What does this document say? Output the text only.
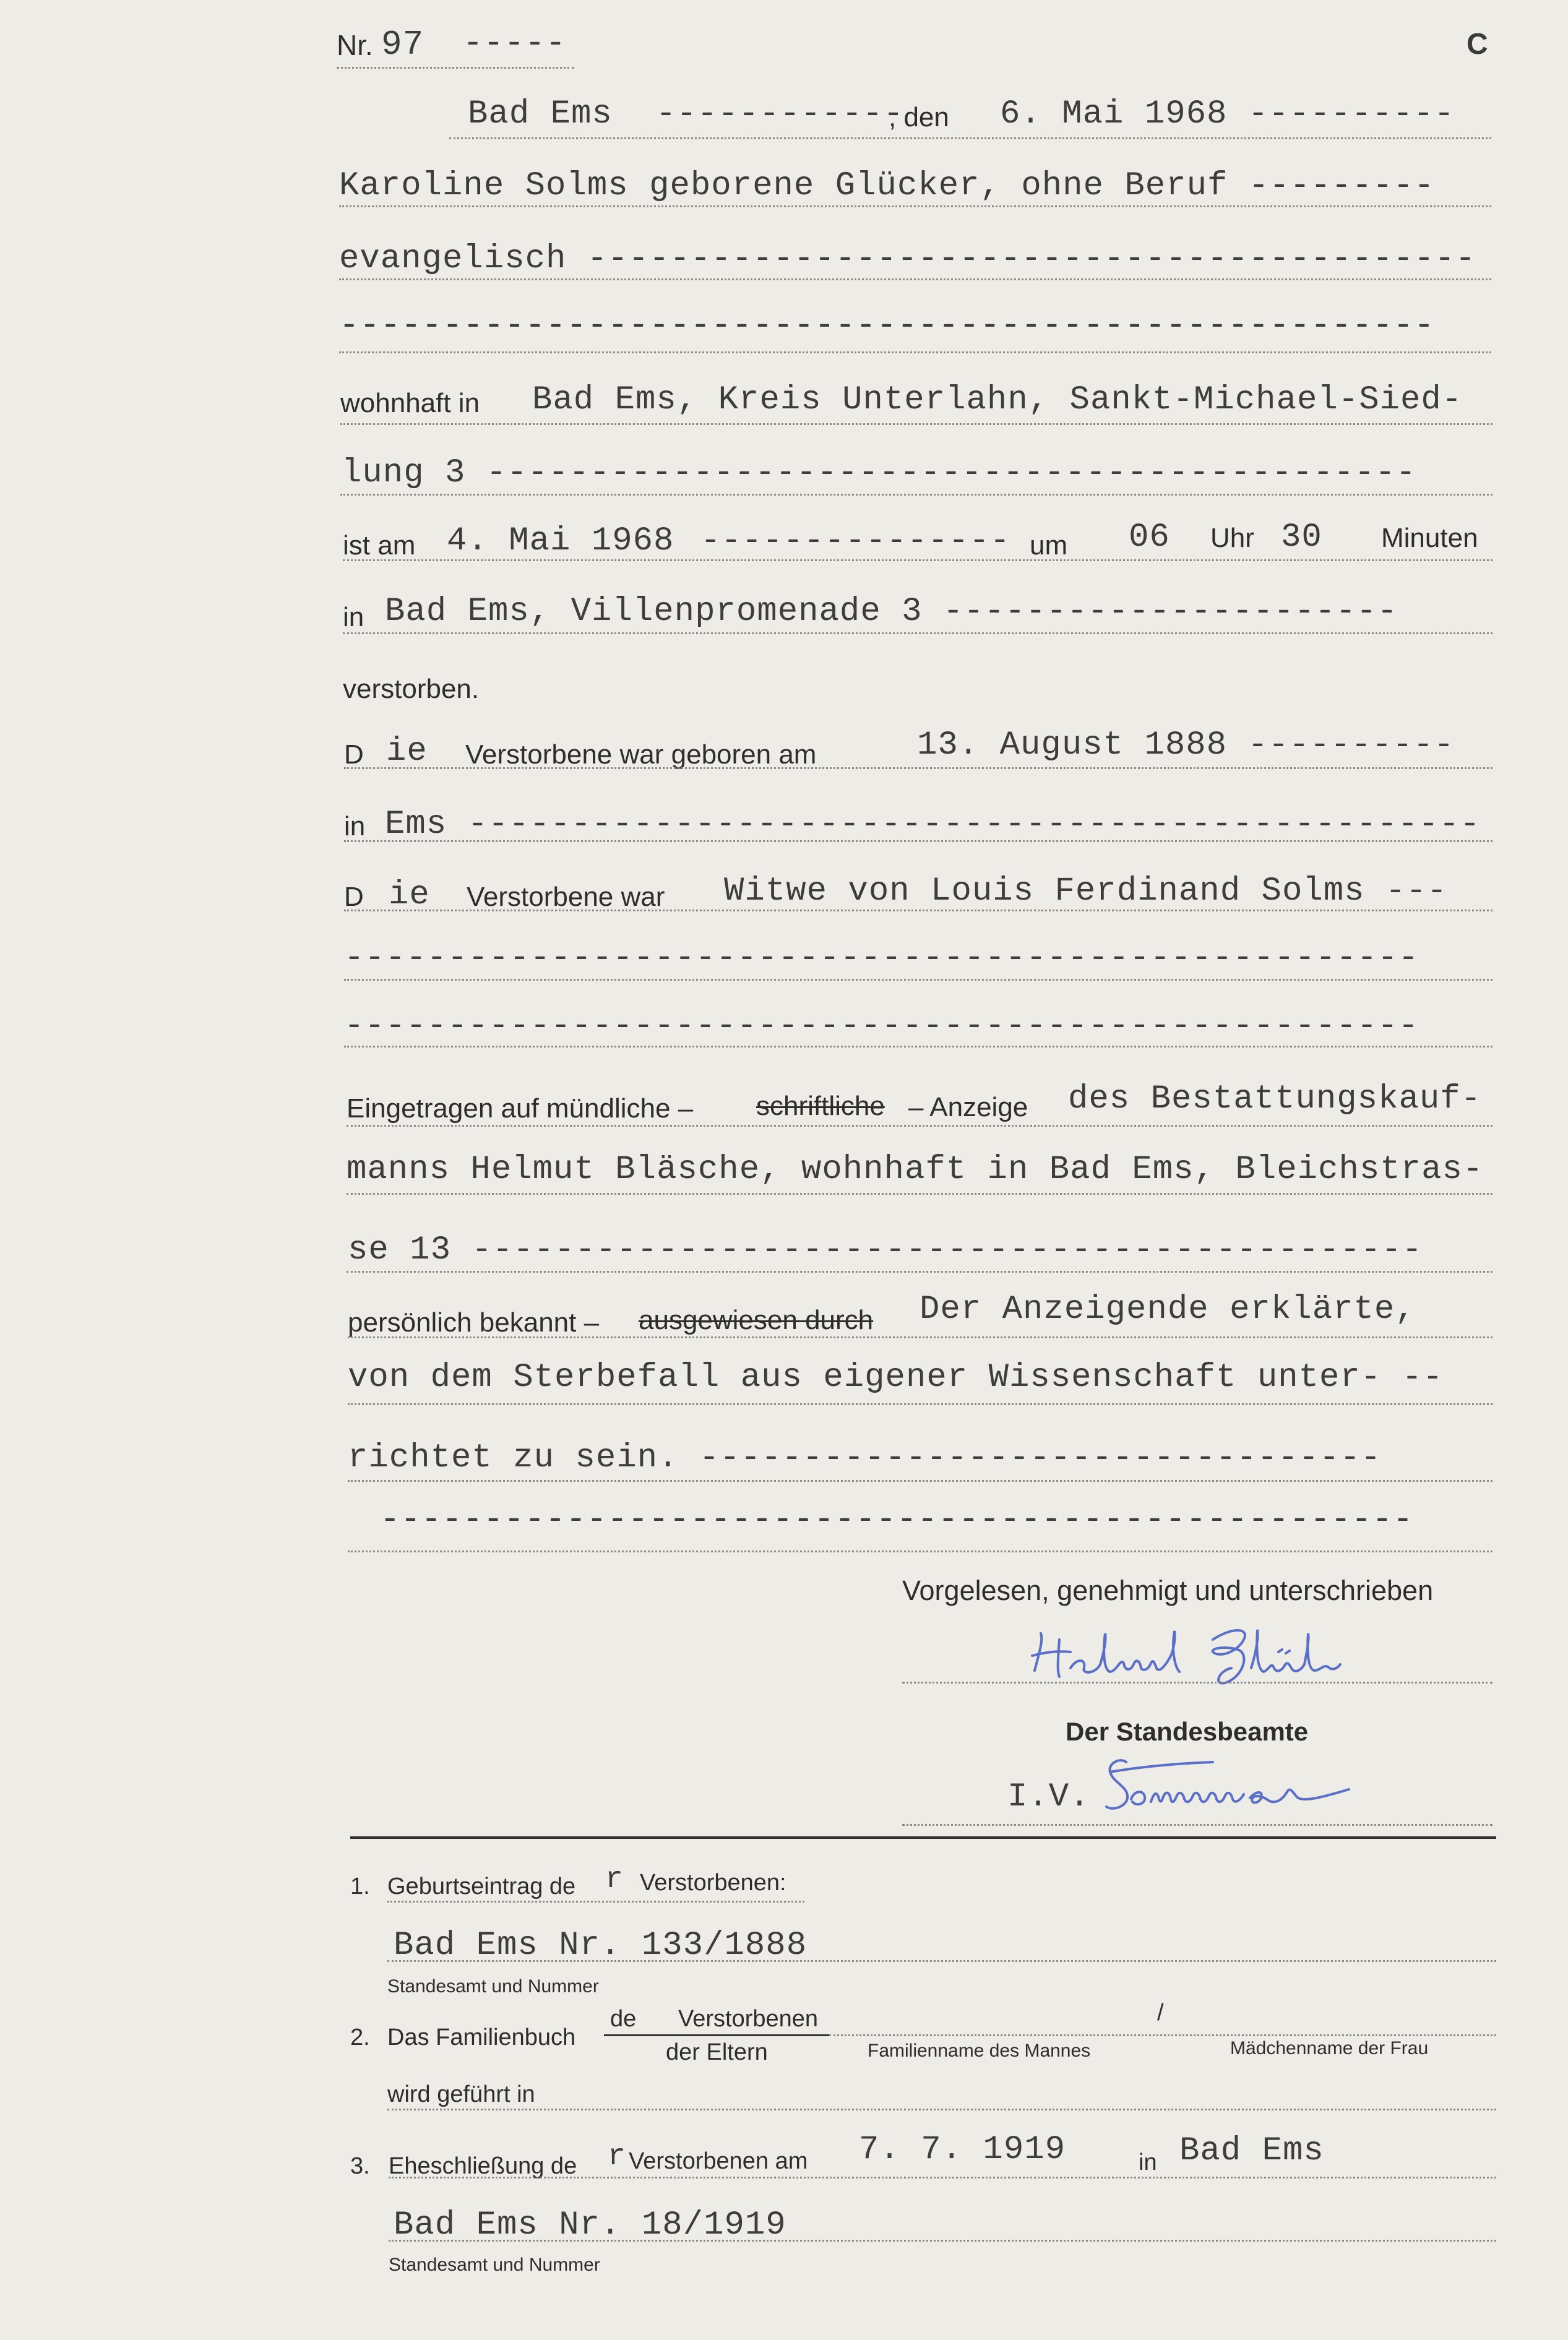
Nr. 97 -----	C
Bad Ems ------------
, den 6. Mai 1968 ----------
Karoline Solms geborene Glücker, ohne Beruf ---------
evangelisch -------------------------------------------
-----------------------------------------------------
wohnhaft in Bad Ems, Kreis Unterlahn, Sankt-Michael-Sied-
lung 3 ---------------------------------------------
ist am 4. Mai 1968 --------------- um 06 Uhr 30 Minuten
in Bad Ems, Villenpromenade 3 ----------------------
verstorben.
D ie Verstorbene war geboren am	13. August 1888 ----------
in Ems -------------------------------------------------
D ie Verstorbene war Witwe von Louis Ferdinand Solms ---
----------------------------------------------------
----------------------------------------------------
Eingetragen auf mündliche – schriftliche – Anzeige des Bestattungskauf-
manns Helmut Bläsche, wohnhaft in Bad Ems, Bleichstras-
se 13 ----------------------------------------------
persönlich bekannt – ausgewiesen durch Der Anzeigende erklärte,
von dem Sterbefall aus eigener Wissenschaft unter- --
richtet zu sein. ---------------------------------
--------------------------------------------------
Vorgelesen, genehmigt und unterschrieben
Der Standesbeamte
I.V.
1. Geburtseintrag de r Verstorbenen:
Bad Ems Nr. 133/1888
Standesamt und Nummer
2. Das Familienbuch
de Verstorbenen	/
der Eltern	Familienname des Mannes	Mädchenname der Frau
wird geführt in
3. Eheschließung de r Verstorbenen am 7. 7. 1919	in Bad Ems
Bad Ems Nr. 18/1919
Standesamt und Nummer
